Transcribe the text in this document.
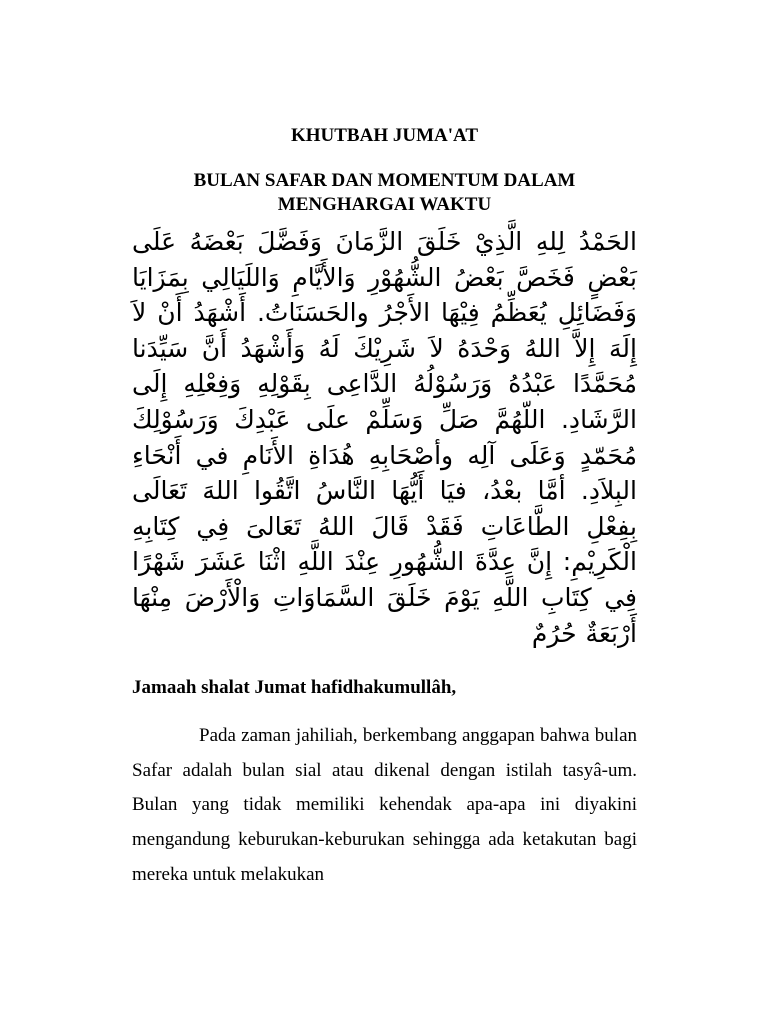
KHUTBAH JUMA'AT
BULAN SAFAR DAN MOMENTUM DALAM MENGHARGAI WAKTU

الحَمْدُ لِلهِ الَّذِيْ خَلَقَ الزَّمَانَ وَفَضَّلَ بَعْضَهُ عَلَى بَعْضٍ فَخَصَّ بَعْضُ الشُّهُوْرِ وَالأَيَّامِ وَاللَيَالِي بِمَزَايَا وَفَضَائِلِ يُعَظِّمُ فِيْهَا الأَجْرُ والحَسَنَاتُ. أَشْهَدُ أَنْ لاَ إِلَهَ إِلاَّ اللهُ وَحْدَهُ لاَ شَرِيْكَ لَهُ وَأَشْهَدُ أَنَّ سَيِّدَنا مُحَمَّدًا عَبْدُهُ وَرَسُوْلُهُ الدَّاعِى بِقَوْلِهِ وَفِعْلِهِ إِلَى الرَّشَادِ. اللّهُمَّ صَلِّ وَسَلِّمْ علَى عَبْدِكَ وَرَسُوْلِكَ مُحَمّدٍ وَعَلَى آلِه وأصْحَابِهِ هُدَاةِ الأَنَامِ في أَنْحَاءِ البِلاَدِ. أمَّا بعْدُ، فيَا أَيُّهَا النَّاسُ اتَّقُوا اللهَ تَعَالَى بِفِعْلِ الطَّاعَاتِ فَقَدْ قَالَ اللهُ تَعَالىَ فِي كِتَابِهِ الْكَرِيْمِ: إِنَّ عِدَّةَ الشُّهُورِ عِنْدَ اللَّهِ اثْنَا عَشَرَ شَهْرًا فِي كِتَابِ اللَّهِ يَوْمَ خَلَقَ السَّمَاوَاتِ وَالْأَرْضَ مِنْهَا أَرْبَعَةٌ حُرُمٌ

Jamaah shalat Jumat hafidhakumullâh,

Pada zaman jahiliah, berkembang anggapan bahwa bulan Safar adalah bulan sial atau dikenal dengan istilah tasyâ-um. Bulan yang tidak memiliki kehendak apa-apa ini diyakini mengandung keburukan-keburukan sehingga ada ketakutan bagi mereka untuk melakukan
